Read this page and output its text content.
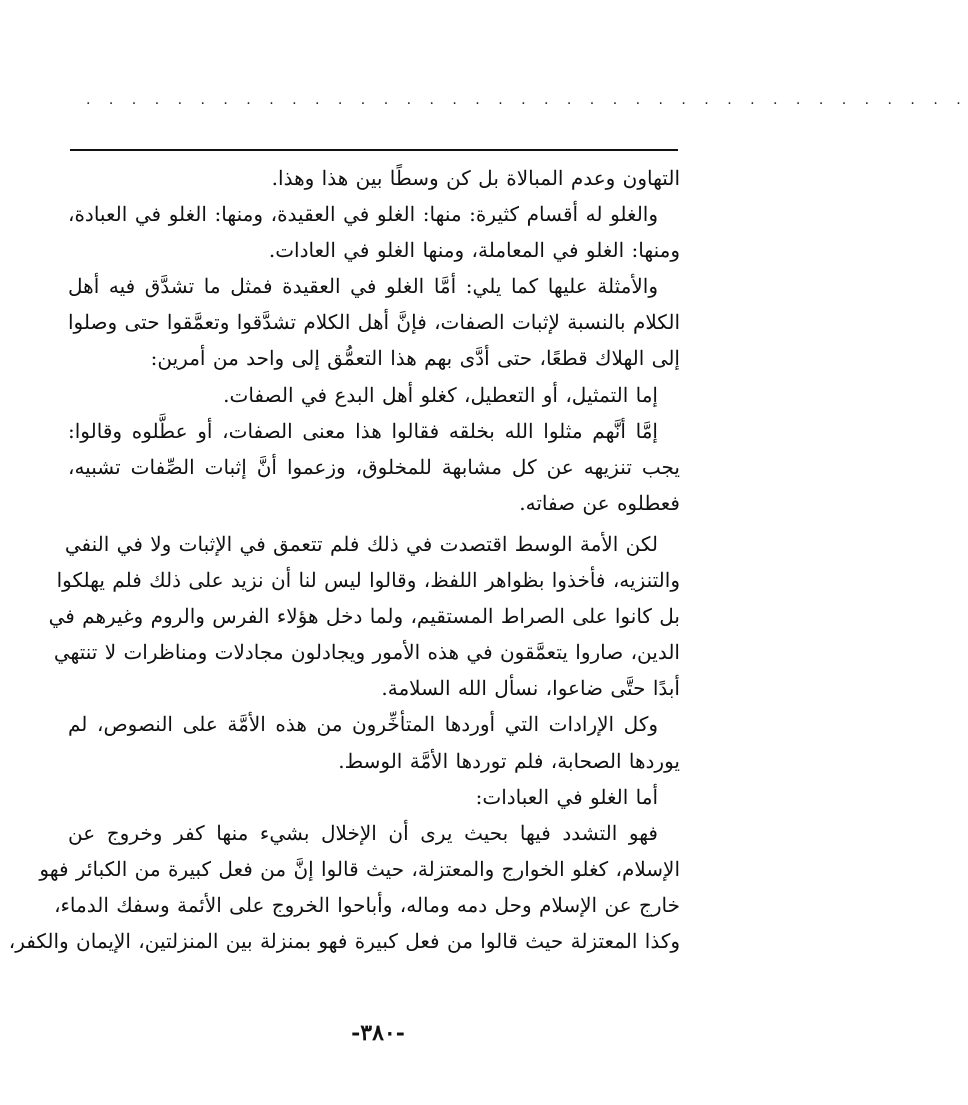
. . . . . . . . . . . . . . . . . . . . . . . . . . . . . . . . . . . . . . .
التهاون وعدم المبالاة بل كن وسطًا بين هذا وهذا.
والغلو له أقسام كثيرة: منها: الغلو في العقيدة، ومنها: الغلو في العبادة،
ومنها: الغلو في المعاملة، ومنها الغلو في العادات.
والأمثلة عليها كما يلي: أمَّا الغلو في العقيدة فمثل ما تشدَّق فيه أهل
الكلام بالنسبة لإثبات الصفات، فإنَّ أهل الكلام تشدَّقوا وتعمَّقوا حتى وصلوا
إلى الهلاك قطعًا، حتى أدَّى بهم هذا التعمُّق إلى واحد من أمرين:
إما التمثيل، أو التعطيل، كغلو أهل البدع في الصفات.
إمَّا أنَّهم مثلوا الله بخلقه فقالوا هذا معنى الصفات، أو عطَّلوه وقالوا:
يجب تنزيهه عن كل مشابهة للمخلوق، وزعموا أنَّ إثبات الصِّفات تشبيه،
فعطلوه عن صفاته.
لكن الأمة الوسط اقتصدت في ذلك فلم تتعمق في الإثبات ولا في النفي
والتنزيه، فأخذوا بظواهر اللفظ، وقالوا ليس لنا أن نزيد على ذلك فلم يهلكوا
بل كانوا على الصراط المستقيم، ولما دخل هؤلاء الفرس والروم وغيرهم في
الدين، صاروا يتعمَّقون في هذه الأمور ويجادلون مجادلات ومناظرات لا تنتهي
أبدًا حتَّى ضاعوا، نسأل الله السلامة.
وكل الإرادات التي أوردها المتأخِّرون من هذه الأمَّة على النصوص، لم
يوردها الصحابة، فلم توردها الأمَّة الوسط.
أما الغلو في العبادات:
فهو التشدد فيها بحيث يرى أن الإخلال بشيء منها كفر وخروج عن
الإسلام، كغلو الخوارج والمعتزلة، حيث قالوا إنَّ من فعل كبيرة من الكبائر فهو
خارج عن الإسلام وحل دمه وماله، وأباحوا الخروج على الأئمة وسفك الدماء،
وكذا المعتزلة حيث قالوا من فعل كبيرة فهو بمنزلة بين المنزلتين، الإيمان والكفر،
-٣٨٠-
